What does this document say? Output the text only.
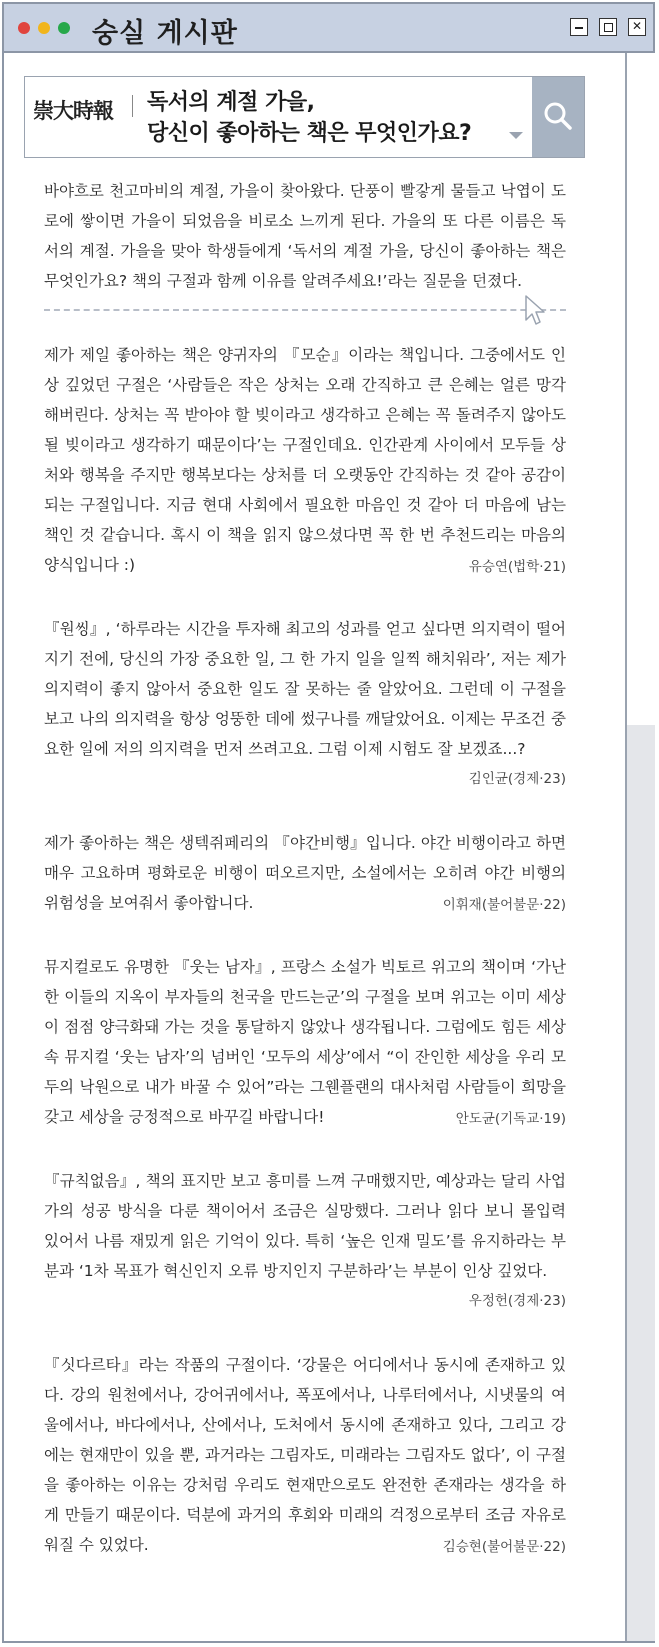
숭실 게시판	✕
崇大時報 독서의 계절 가을,
당신이 좋아하는 책은 무엇인가요?
바야흐로 천고마비의 계절, 가을이 찾아왔다. 단풍이 빨갛게 물들고 낙엽이 도로에 쌓이면 가을이 되었음을 비로소 느끼게 된다. 가을의 또 다른 이름은 독서의 계절. 가을을 맞아 학생들에게 ‘독서의 계절 가을, 당신이 좋아하는 책은 무엇인가요? 책의 구절과 함께 이유를 알려주세요!’라는 질문을 던졌다.
제가 제일 좋아하는 책은 양귀자의 『모순』이라는 책입니다. 그중에서도 인상 깊었던 구절은 ‘사람들은 작은 상처는 오래 간직하고 큰 은혜는 얼른 망각해버린다. 상처는 꼭 받아야 할 빚이라고 생각하고 은혜는 꼭 돌려주지 않아도 될 빚이라고 생각하기 때문이다’는 구절인데요. 인간관계 사이에서 모두들 상처와 행복을 주지만 행복보다는 상처를 더 오랫동안 간직하는 것 같아 공감이 되는 구절입니다. 지금 현대 사회에서 필요한 마음인 것 같아 더 마음에 남는 책인 것 같습니다. 혹시 이 책을 읽지 않으셨다면 꼭 한 번 추천드리는 마음의 양식입니다 :)	유승연(법학·21)
『원씽』, ‘하루라는 시간을 투자해 최고의 성과를 얻고 싶다면 의지력이 떨어지기 전에, 당신의 가장 중요한 일, 그 한 가지 일을 일찍 해치워라’, 저는 제가 의지력이 좋지 않아서 중요한 일도 잘 못하는 줄 알았어요. 그런데 이 구절을 보고 나의 의지력을 항상 엉뚱한 데에 썼구나를 깨달았어요. 이제는 무조건 중요한 일에 저의 의지력을 먼저 쓰려고요. 그럼 이제 시험도 잘 보겠죠...?
김인균(경제·23)
제가 좋아하는 책은 생텍쥐페리의 『야간비행』입니다. 야간 비행이라고 하면 매우 고요하며 평화로운 비행이 떠오르지만, 소설에서는 오히려 야간 비행의 위험성을 보여줘서 좋아합니다.	이휘재(불어불문·22)
뮤지컬로도 유명한 『웃는 남자』, 프랑스 소설가 빅토르 위고의 책이며 ‘가난한 이들의 지옥이 부자들의 천국을 만드는군’의 구절을 보며 위고는 이미 세상이 점점 양극화돼 가는 것을 통달하지 않았나 생각됩니다. 그럼에도 힘든 세상 속 뮤지컬 ‘웃는 남자’의 넘버인 ‘모두의 세상’에서 “이 잔인한 세상을 우리 모두의 낙원으로 내가 바꿀 수 있어”라는 그웬플랜의 대사처럼 사람들이 희망을 갖고 세상을 긍정적으로 바꾸길 바랍니다!	안도균(기독교·19)
『규칙없음』, 책의 표지만 보고 흥미를 느껴 구매했지만, 예상과는 달리 사업가의 성공 방식을 다룬 책이어서 조금은 실망했다. 그러나 읽다 보니 몰입력 있어서 나름 재밌게 읽은 기억이 있다. 특히 ‘높은 인재 밀도’를 유지하라는 부분과 ‘1차 목표가 혁신인지 오류 방지인지 구분하라’는 부분이 인상 깊었다.
우정헌(경제·23)
『싯다르타』라는 작품의 구절이다. ‘강물은 어디에서나 동시에 존재하고 있다. 강의 원천에서나, 강어귀에서나, 폭포에서나, 나루터에서나, 시냇물의 여울에서나, 바다에서나, 산에서나, 도처에서 동시에 존재하고 있다, 그리고 강에는 현재만이 있을 뿐, 과거라는 그림자도, 미래라는 그림자도 없다’, 이 구절을 좋아하는 이유는 강처럼 우리도 현재만으로도 완전한 존재라는 생각을 하게 만들기 때문이다. 덕분에 과거의 후회와 미래의 걱정으로부터 조금 자유로워질 수 있었다.	김승현(불어불문·22)
